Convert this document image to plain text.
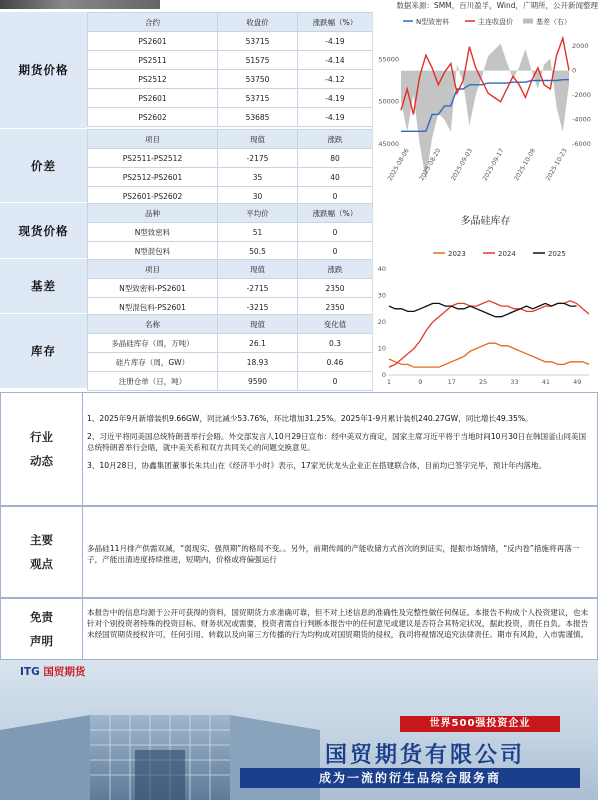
数据来源：SMM，百川盈孚，Wind，广期所，公开新闻整理
期货价格
合约	收盘价	涨跌幅（%）
PS2601	53715	-4.19
PS2511	51575	-4.14
PS2512	53750	-4.12
PS2601	53715	-4.19
PS2602	53685	-4.19
价差
项目	现值	涨跌
PS2511-PS2512	-2175	80
PS2512-PS2601	35	40
PS2601-PS2602	30	0
现货价格
品种	平均价	涨跌幅（%）
N型致密料	51	0
N型混包料	50.5	0
基差
项目	现值	涨跌
N型致密料-PS2601	-2715	2350
N型混包料-PS2601	-3215	2350
库存
名称	现值	变化值
多晶硅库存（周，万吨）	26.1	0.3
硅片库存（周，GW）	18.93	0.46
注册仓单（日，吨）	9590	0
N型致密料	主连收盘价	基差（右）
45000
50000
55000
-6000
-4000
-2000
0
2000
2025-08-06 2025-08-20 2025-09-03 2025-09-17 2025-10-09 2025-10-23
多晶硅库存
2023	2024	2025
0
10
20
30
40
1	9	17	25	33	41	49
行业
动态

1、2025年9月新增装机9.66GW，同比减少53.76%，环比增加31.25%。2025年1-9月累计装机240.27GW，同比增长49.35%。

2、习近平将同美国总统特朗普举行会晤。外交部发言人10月29日宣布：经中美双方商定，国家主席习近平将于当地时间10月30日在韩国釜山同美国总统特朗普举行会晤，就中美关系和双方共同关心的问题交换意见。

3、10月28日，协鑫集团董事长朱共山在《经济半小时》表示，17家光伏龙头企业正在搭建联合体，目前均已签字完毕，预计年内落地。

主要
观点
多晶硅11月排产供需双减，“弱现实、强预期”的格局不变。。另外，前期传闻的产能收储方式首次的到证实，提振市场情绪，“反内卷”措施将再落一子，产能出清进度持续推进，短期内，价格或将偏强运行
免责
声明
本报告中的信息均源于公开可获得的资料，国贸期货力求准确可靠，但不对上述信息的准确性及完整性做任何保证。本报告不构成个人投资建议，也未针对个别投资者特殊的投资目标、财务状况或需要，投资者需自行判断本报告中的任何意见或建议是否符合其特定状况，据此投资，责任自负。本报告未经国贸期货授权许可，任何引用、转载以及向第三方传播的行为均构成对国贸期货的侵权，我司将视情况追究法律责任。期市有风险，入市需谨慎。
ITG 国贸期货
世界500强投资企业
国贸期货有限公司
成为一流的衍生品综合服务商
